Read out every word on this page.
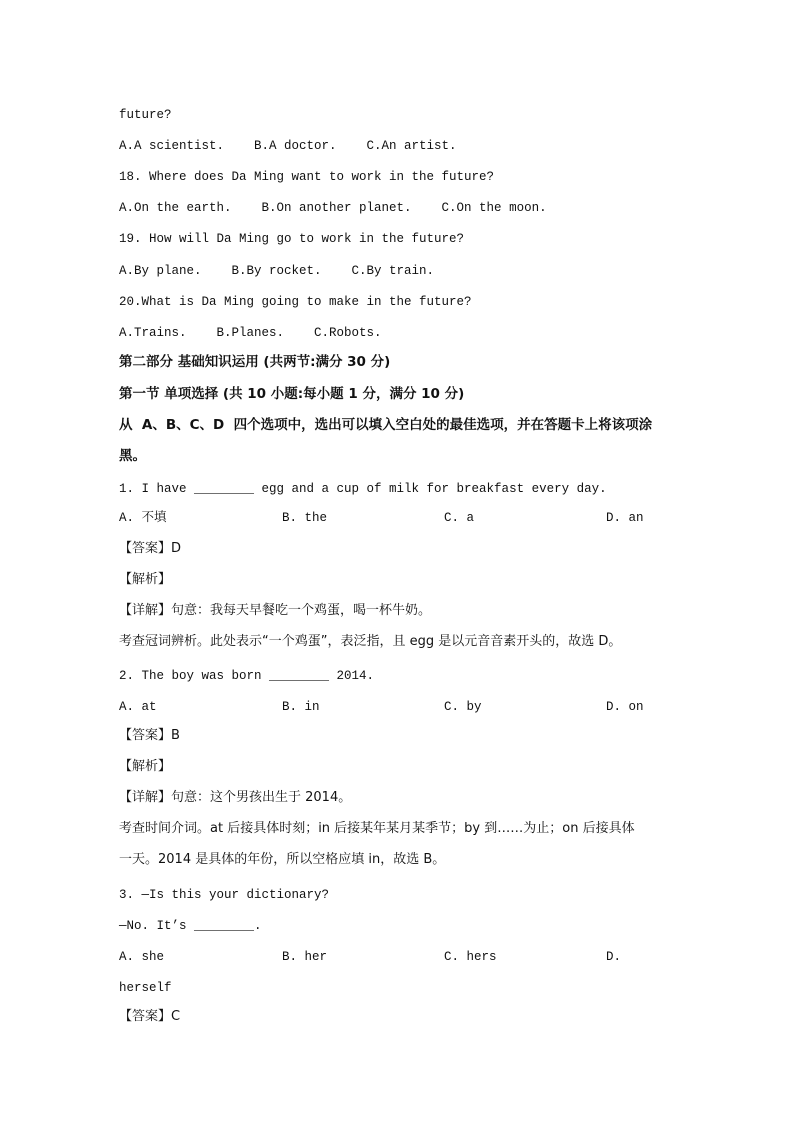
future?
A.A scientist.    B.A doctor.    C.An artist.
18. Where does Da Ming want to work in the future?
A.On the earth.    B.On another planet.    C.On the moon.
19. How will Da Ming go to work in the future?
A.By plane.    B.By rocket.    C.By train.
20.What is Da Ming going to make in the future?
A.Trains.    B.Planes.    C.Robots.
第二部分 基础知识运用 (共两节:满分 30 分)
第一节 单项选择 (共 10 小题:每小题 1 分，满分 10 分)
从  A、B、C、D  四个选项中，选出可以填入空白处的最佳选项，并在答题卡上将该项涂
黑。
1. I have ________ egg and a cup of milk for breakfast every day.
A. 不填	B. the	C. a	D. an
【答案】D
【解析】
【详解】句意：我每天早餐吃一个鸡蛋，喝一杯牛奶。
考查冠词辨析。此处表示“一个鸡蛋”，表泛指，且 egg 是以元音音素开头的，故选 D。
2. The boy was born ________ 2014.
A. at	B. in	C. by	D. on
【答案】B
【解析】
【详解】句意：这个男孩出生于 2014。
考查时间介词。at 后接具体时刻；in 后接某年某月某季节；by 到……为止；on 后接具体
一天。2014 是具体的年份，所以空格应填 in，故选 B。
3. —Is this your dictionary?
—No. It’s ________.
A. she	B. her	C. hers	D.
herself
【答案】C
